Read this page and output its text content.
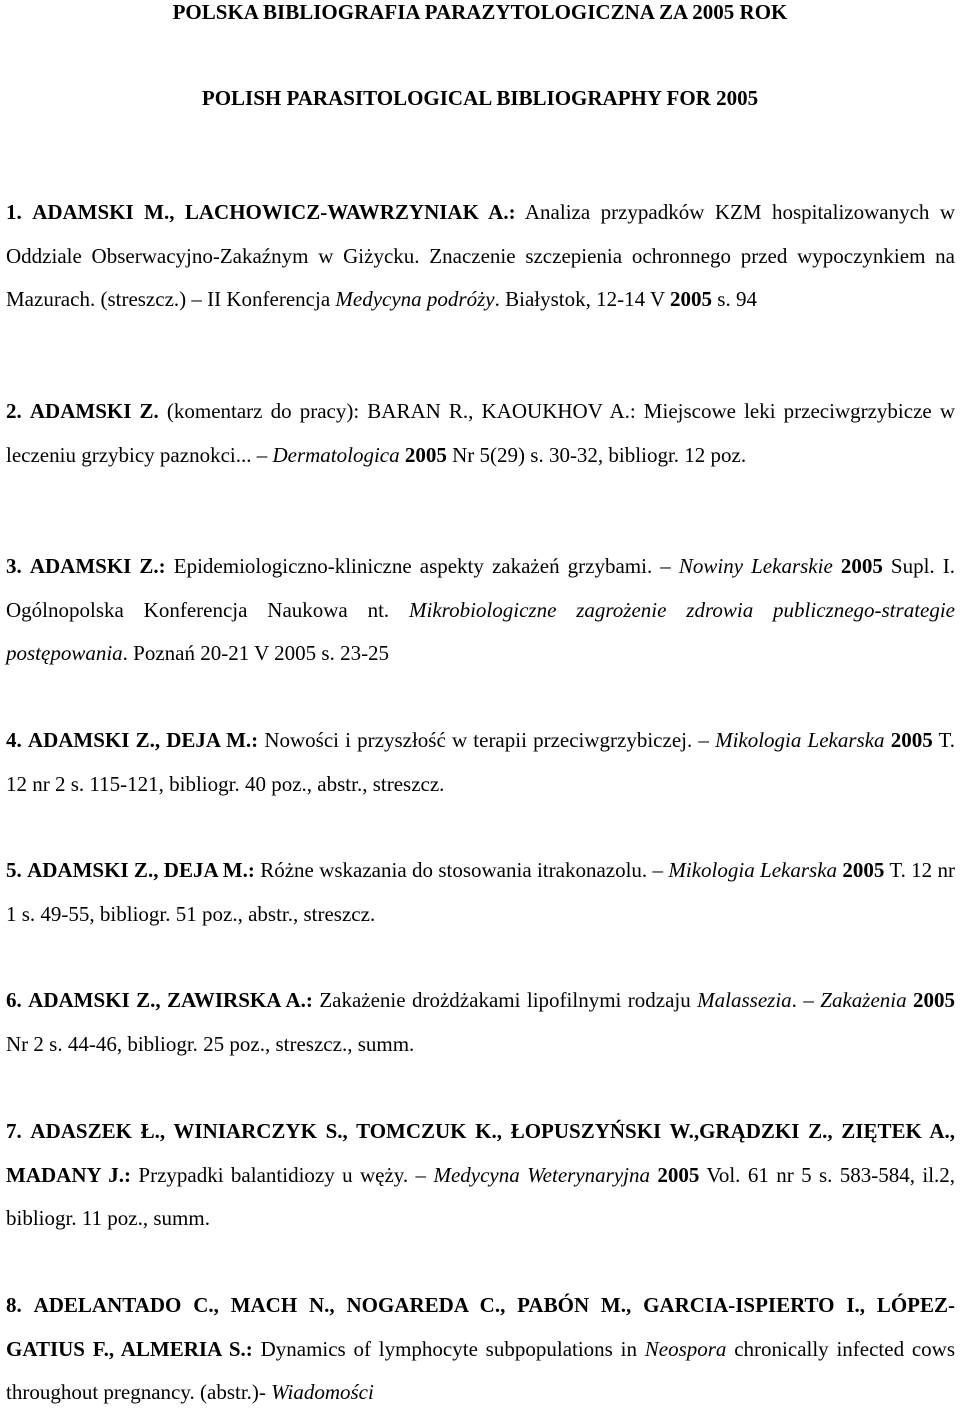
POLSKA BIBLIOGRAFIA PARAZYTOLOGICZNA ZA 2005 ROK
POLISH PARASITOLOGICAL BIBLIOGRAPHY FOR 2005
1. ADAMSKI M., LACHOWICZ-WAWRZYNIAK A.: Analiza przypadków KZM hospitalizowanych w Oddziale Obserwacyjno-Zakaźnym w Giżycku. Znaczenie szczepienia ochronnego przed wypoczynkiem na Mazurach. (streszcz.) – II Konferencja Medycyna podróży. Białystok, 12-14 V 2005 s. 94
2. ADAMSKI Z. (komentarz do pracy): BARAN R., KAOUKHOV A.: Miejscowe leki przeciwgrzybicze w leczeniu grzybicy paznokci... – Dermatologica 2005 Nr 5(29) s. 30-32, bibliogr. 12 poz.
3. ADAMSKI Z.: Epidemiologiczno-kliniczne aspekty zakażeń grzybami. – Nowiny Lekarskie 2005 Supl. I. Ogólnopolska Konferencja Naukowa nt. Mikrobiologiczne zagrożenie zdrowia publicznego-strategie postępowania. Poznań 20-21 V 2005 s. 23-25
4. ADAMSKI Z., DEJA M.: Nowości i przyszłość w terapii przeciwgrzybiczej. – Mikologia Lekarska 2005 T. 12 nr 2 s. 115-121, bibliogr. 40 poz., abstr., streszcz.
5. ADAMSKI Z., DEJA M.: Różne wskazania do stosowania itrakonazolu. – Mikologia Lekarska 2005 T. 12 nr 1 s. 49-55, bibliogr. 51 poz., abstr., streszcz.
6. ADAMSKI Z., ZAWIRSKA A.: Zakażenie drożdżakami lipofilnymi rodzaju Malassezia. – Zakażenia 2005 Nr 2 s. 44-46, bibliogr. 25 poz., streszcz., summ.
7. ADASZEK Ł., WINIARCZYK S., TOMCZUK K., ŁOPUSZYŃSKI W.,GRĄDZKI Z., ZIĘTEK A., MADANY J.: Przypadki balantidiozy u węży. – Medycyna Weterynaryjna 2005 Vol. 61 nr 5 s. 583-584, il.2, bibliogr. 11 poz., summ.
8. ADELANTADO C., MACH N., NOGAREDA C., PABÓN M., GARCIA-ISPIERTO I., LÓPEZ-GATIUS F., ALMERIA S.: Dynamics of lymphocyte subpopulations in Neospora chronically infected cows throughout pregnancy. (abstr.)- Wiadomości
